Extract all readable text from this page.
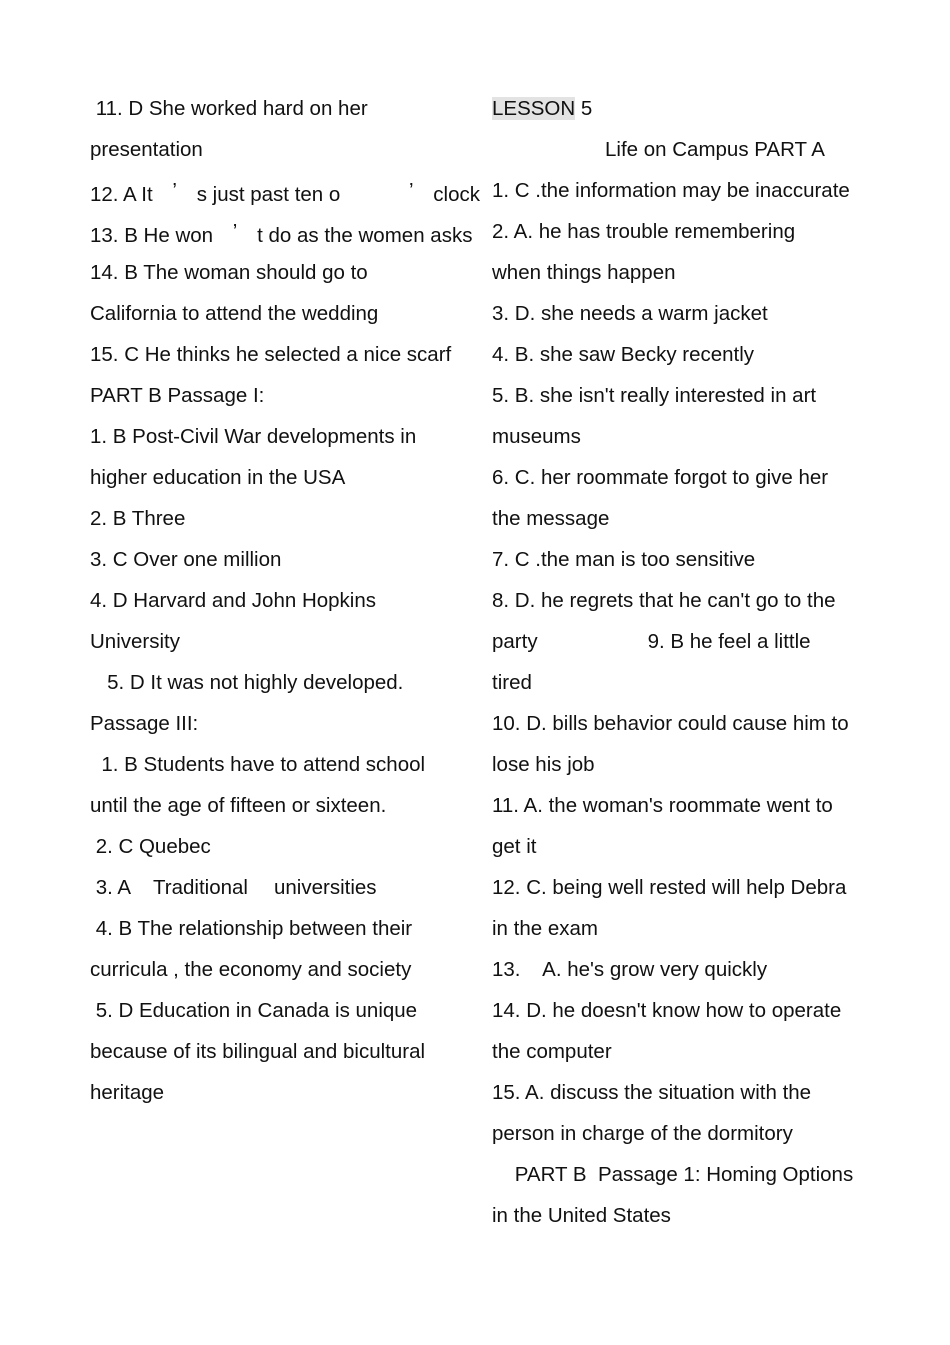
11. D She worked hard on her
presentation
12. A It ’ s just past ten o	’ clock
13. B He won ’ t do as the women asks
14. B The woman should go to
California to attend the wedding
15. C He thinks he selected a nice scarf
PART B Passage I:
1. B Post-Civil War developments in
higher education in the USA
2. B Three
3. C Over one million
4. D Harvard and John Hopkins
University
5. D It was not highly developed.
Passage III:
1. B Students have to attend school
until the age of fifteen or sixteen.
2. C Quebec
3. A Traditional universities
4. B The relationship between their
curricula , the economy and society
5. D Education in Canada is unique
because of its bilingual and bicultural
heritage
LESSON 5
Life on Campus PART A
1. C .the information may be inaccurate
2. A. he has trouble remembering
when things happen
3. D. she needs a warm jacket
4. B. she saw Becky recently
5. B. she isn't really interested in art
museums
6. C. her roommate forgot to give her
the message
7. C .the man is too sensitive
8. D. he regrets that he can't go to the
party	9. B he feel a little
tired
10. D. bills behavior could cause him to
lose his job
11. A. the woman's roommate went to
get it
12. C. being well rested will help Debra
in the exam
13.    A. he's grow very quickly
14. D. he doesn't know how to operate
the computer
15. A. discuss the situation with the
person in charge of the dormitory
PART B  Passage 1: Homing Options
in the United States
